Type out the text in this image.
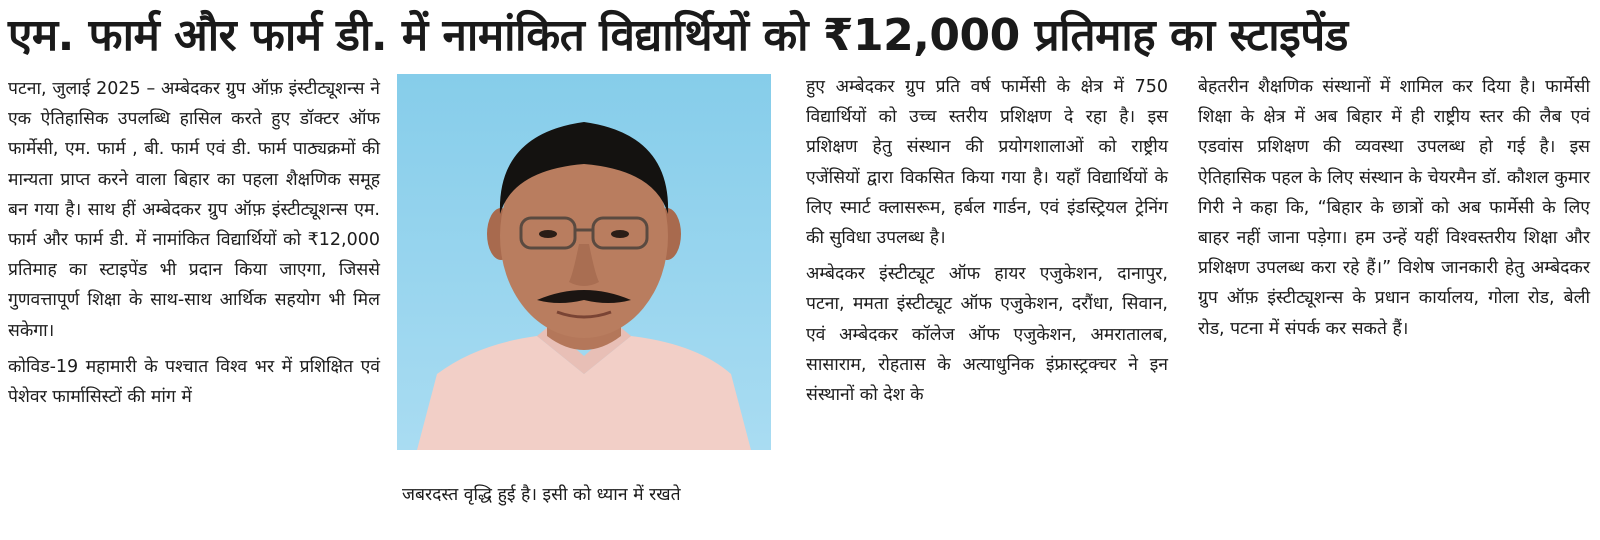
एम. फार्म और फार्म डी. में नामांकित विद्यार्थियों को ₹12,000 प्रतिमाह का स्टाइपेंड

पटना, जुलाई 2025 – अम्बेदकर ग्रुप ऑफ़ इंस्टीट्यूशन्स ने एक ऐतिहासिक उपलब्धि हासिल करते हुए डॉक्टर ऑफ फार्मेसी, एम. फार्म , बी. फार्म एवं डी. फार्म पाठ्यक्रमों की मान्यता प्राप्त करने वाला बिहार का पहला शैक्षणिक समूह बन गया है। साथ हीं अम्बेदकर ग्रुप ऑफ़ इंस्टीट्यूशन्स एम. फार्म और फार्म डी. में नामांकित विद्यार्थियों को ₹12,000 प्रतिमाह का स्टाइपेंड भी प्रदान किया जाएगा, जिससे गुणवत्तापूर्ण शिक्षा के साथ-साथ आर्थिक सहयोग भी मिल सकेगा।

कोविड-19 महामारी के पश्चात विश्व भर में प्रशिक्षित एवं पेशेवर फार्मासिस्टों की मांग में

जबरदस्त वृद्धि हुई है। इसी को ध्यान में रखते

हुए अम्बेदकर ग्रुप प्रति वर्ष फार्मेसी के क्षेत्र में 750 विद्यार्थियों को उच्च स्तरीय प्रशिक्षण दे रहा है। इस प्रशिक्षण हेतु संस्थान की प्रयोगशालाओं को राष्ट्रीय एजेंसियों द्वारा विकसित किया गया है। यहाँ विद्यार्थियों के लिए स्मार्ट क्लासरूम, हर्बल गार्डन, एवं इंडस्ट्रियल ट्रेनिंग की सुविधा उपलब्ध है।

अम्बेदकर इंस्टीट्यूट ऑफ हायर एजुकेशन, दानापुर, पटना, ममता इंस्टीट्यूट ऑफ एजुकेशन, दरौंधा, सिवान, एवं अम्बेदकर कॉलेज ऑफ एजुकेशन, अमरातालब, सासाराम, रोहतास के अत्याधुनिक इंफ्रास्ट्रक्चर ने इन संस्थानों को देश के

बेहतरीन शैक्षणिक संस्थानों में शामिल कर दिया है। फार्मेसी शिक्षा के क्षेत्र में अब बिहार में ही राष्ट्रीय स्तर की लैब एवं एडवांस प्रशिक्षण की व्यवस्था उपलब्ध हो गई है। इस ऐतिहासिक पहल के लिए संस्थान के चेयरमैन डॉ. कौशल कुमार गिरी ने कहा कि, “बिहार के छात्रों को अब फार्मेसी के लिए बाहर नहीं जाना पड़ेगा। हम उन्हें यहीं विश्वस्तरीय शिक्षा और प्रशिक्षण उपलब्ध करा रहे हैं।” विशेष जानकारी हेतु अम्बेदकर ग्रुप ऑफ़ इंस्टीट्यूशन्स के प्रधान कार्यालय, गोला रोड, बेली रोड, पटना में संपर्क कर सकते हैं।
